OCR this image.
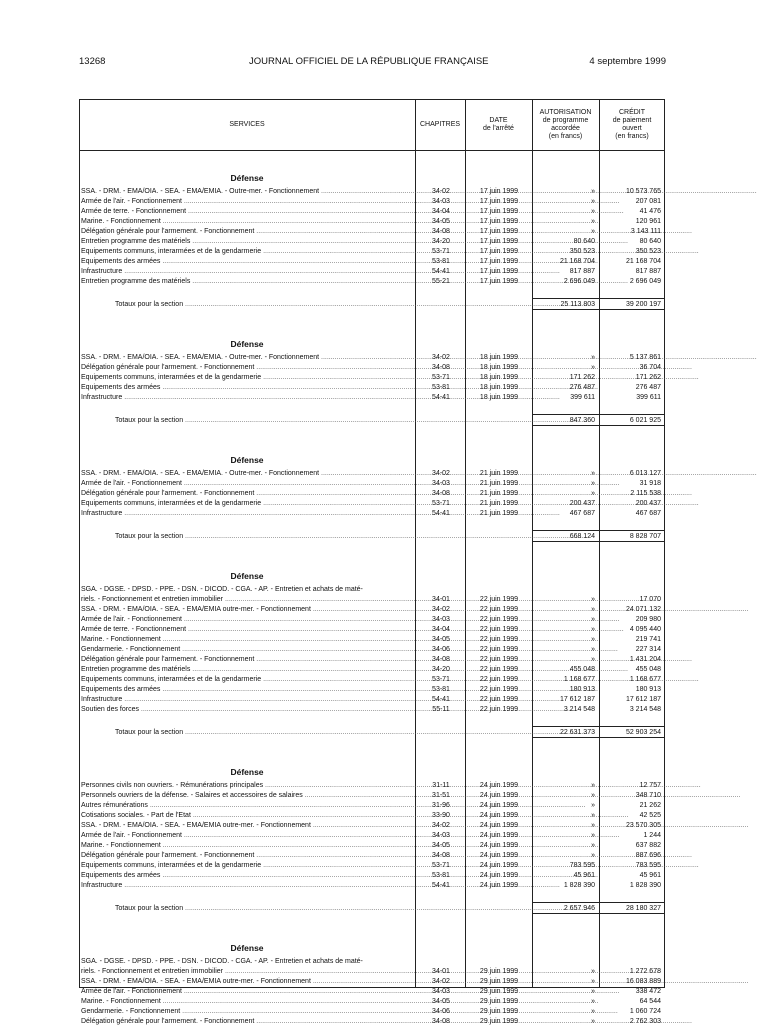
13268	JOURNAL OFFICIEL DE LA RÉPUBLIQUE FRANÇAISE	4 septembre 1999
SERVICES	CHAPITRES
DATE
de l'arrêté
AUTORISATION
de programme
accordée
(en francs)
CRÉDIT
de paiement
ouvert
(en francs)
Défense
SSA. - DRM. - EMA/OIA. - SEA. - EMA/EMIA. - Outre-mer. - Fonctionnement .....	34-02	17 juin 1999	»	10 573 765
Armée de l'air. - Fonctionnement .....	34-03	17 juin 1999	»	207 081
Armée de terre. - Fonctionnement .....	34-04	17 juin 1999	»	41 476
Marine. - Fonctionnement .....	34-05	17 juin 1999	»	120 961
Délégation générale pour l'armement. - Fonctionnement .....	34-08	17 juin 1999	»	3 143 111
Entretien programme des matériels .....	34-20	17 juin 1999	80 640	80 640
Equipements communs, interarmées et de la gendarmerie .....	53-71	17 juin 1999	350 523	350 523
Equipements des armées .....	53-81	17 juin 1999	21 168 704	21 168 704
Infrastructure .....	54-41	17 juin 1999	817 887	817 887
Entretien programme des matériels .....	55-21	17 juin 1999	2 696 049	2 696 049
Totaux pour la section .....	25 113 803	39 200 197
Défense
SSA. - DRM. - EMA/OIA. - SEA. - EMA/EMIA. - Outre-mer. - Fonctionnement .....	34-02	18 juin 1999	»	5 137 861
Délégation générale pour l'armement. - Fonctionnement .....	34-08	18 juin 1999	»	36 704
Equipements communs, interarmées et de la gendarmerie .....	53-71	18 juin 1999	171 262	171 262
Equipements des armées .....	53-81	18 juin 1999	276 487	276 487
Infrastructure .....	54-41	18 juin 1999	399 611	399 611
Totaux pour la section .....	847 360	6 021 925
Défense
SSA. - DRM. - EMA/OIA. - SEA. - EMA/EMIA. - Outre-mer. - Fonctionnement .....	34-02	21 juin 1999	»	6 013 127
Armée de l'air. - Fonctionnement .....	34-03	21 juin 1999	»	31 918
Délégation générale pour l'armement. - Fonctionnement .....	34-08	21 juin 1999	»	2 115 538
Equipements communs, interarmées et de la gendarmerie .....	53-71	21 juin 1999	200 437	200 437
Infrastructure .....	54-41	21 juin 1999	467 687	467 687
Totaux pour la section .....	668 124	8 828 707
Défense
SGA. - DGSE. - DPSD. - PPE. - DSN. - DICOD. - CGA. - AP. - Entretien et achats de maté-
riels. - Fonctionnement et entretien immobilier .....	34-01	22 juin 1999	»	17 070
SSA. - DRM. - EMA/OIA. - SEA. - EMA/EMIA outre-mer. - Fonctionnement .....	34-02	22 juin 1999	»	24 071 132
Armée de l'air. - Fonctionnement .....	34-03	22 juin 1999	»	209 980
Armée de terre. - Fonctionnement .....	34-04	22 juin 1999	»	4 095 440
Marine. - Fonctionnement .....	34-05	22 juin 1999	»	219 741
Gendarmerie. - Fonctionnement .....	34-06	22 juin 1999	»	227 314
Délégation générale pour l'armement. - Fonctionnement .....	34-08	22 juin 1999	»	1 431 204
Entretien programme des matériels .....	34-20	22 juin 1999	455 048	455 048
Equipements communs, interarmées et de la gendarmerie .....	53-71	22 juin 1999	1 168 677	1 168 677
Equipements des armées .....	53-81	22 juin 1999	180 913	180 913
Infrastructure .....	54-41	22 juin 1999	17 612 187	17 612 187
Soutien des forces .....	55-11	22 juin 1999	3 214 548	3 214 548
Totaux pour la section .....	22 631 373	52 903 254
Défense
Personnes civils non ouvriers. - Rémunérations principales .....	31-11	24 juin 1999	»	12 757
Personnels ouvriers de la défense. - Salaires et accessoires de salaires .....	31-51	24 juin 1999	»	348 710
Autres rémunérations .....	31-96	24 juin 1999	»	21 262
Cotisations sociales. - Part de l'Etat .....	33-90	24 juin 1999	»	42 525
SSA. - DRM. - EMA/OIA. - SEA. - EMA/EMIA outre-mer. - Fonctionnement .....	34-02	24 juin 1999	»	23 570 305
Armée de l'air. - Fonctionnement .....	34-03	24 juin 1999	»	1 244
Marine. - Fonctionnement .....	34-05	24 juin 1999	»	637 882
Délégation générale pour l'armement. - Fonctionnement .....	34-08	24 juin 1999	»	887 696
Equipements communs, interarmées et de la gendarmerie .....	53-71	24 juin 1999	783 595	783 595
Equipements des armées .....	53-81	24 juin 1999	45 961	45 961
Infrastructure .....	54-41	24 juin 1999	1 828 390	1 828 390
Totaux pour la section .....	2 657 946	28 180 327
Défense
SGA. - DGSE. - DPSD. - PPE. - DSN. - DICOD. - CGA. - AP. - Entretien et achats de maté-
riels. - Fonctionnement et entretien immobilier .....	34-01	29 juin 1999	»	1 272 678
SSA. - DRM. - EMA/OIA. - SEA. - EMA/EMIA outre-mer. - Fonctionnement .....	34-02	29 juin 1999	»	16 083 889
Armée de l'air. - Fonctionnement .....	34-03	29 juin 1999	»	338 472
Marine. - Fonctionnement .....	34-05	29 juin 1999	»	64 544
Gendarmerie. - Fonctionnement .....	34-06	29 juin 1999	»	1 060 724
Délégation générale pour l'armement. - Fonctionnement .....	34-08	29 juin 1999	»	2 762 303
